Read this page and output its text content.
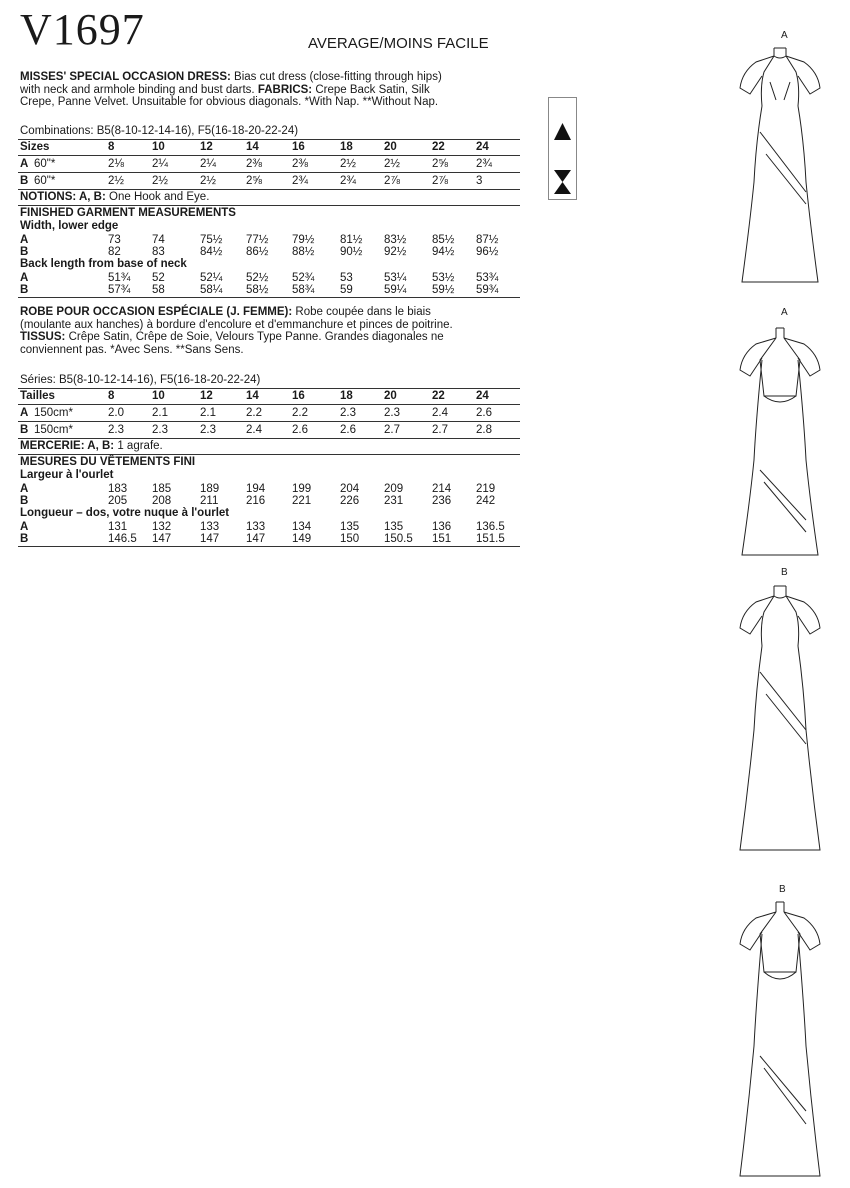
V1697	AVERAGE/MOINS FACILE
MISSES' SPECIAL OCCASION DRESS: Bias cut dress (close-fitting through hips)
with neck and armhole binding and bust darts. FABRICS: Crepe Back Satin, Silk
Crepe, Panne Velvet. Unsuitable for obvious diagonals. *With Nap. **Without Nap.
Combinations: B5(8-10-12-14-16), F5(16-18-20-22-24)
Sizes	8	10	12	14	16	18	20	22	24
A 60"*	2⅛ 2¼	2¼	2⅜	2⅜	2½ 2½	2⅝ 2¾
B 60"*	2½ 2½	2½	2⅝	2¾	2¾ 2⅞	2⅞ 3
NOTIONS: A, B: One Hook and Eye.
FINISHED GARMENT MEASUREMENTS
Width, lower edge
A	73	74	75½ 77½ 79½ 81½ 83½ 85½ 87½
B	82	83	84½ 86½ 88½ 90½ 92½ 94½ 96½
Back length from base of neck
A	51¾ 52	52¼ 52½ 52¾ 53	53¼ 53½ 53¾
B	57¾ 58	58¼ 58½ 58¾ 59	59¼ 59½ 59¾
ROBE POUR OCCASION ESPÉCIALE (J. FEMME): Robe coupée dans le biais
(moulante aux hanches) à bordure d'encolure et d'emmanchure et pinces de poitrine.
TISSUS: Crêpe Satin, Crêpe de Soie, Velours Type Panne. Grandes diagonales ne
conviennent pas. *Avec Sens. **Sans Sens.
Séries: B5(8-10-12-14-16), F5(16-18-20-22-24)
Tailles	8	10	12	14	16	18	20	22	24
A 150cm*	2.0 2.1	2.1	2.2	2.2	2.3 2.3	2.4 2.6
B 150cm*	2.3 2.3	2.3	2.4	2.6	2.6 2.7	2.7 2.8
MERCERIE: A, B: 1 agrafe.
MESURES DU VÊTEMENTS FINI
Largeur à l'ourlet
A	183 185	189 194 199	204 209	214 219
B	205 208	211 216 221	226 231	236 242
Longueur – dos, votre nuque à l'ourlet
A	131 132	133 133 134	135 135	136 136.5
B	146.5 147	147 147 149	150 150.5 151 151.5
A
A
B
B
